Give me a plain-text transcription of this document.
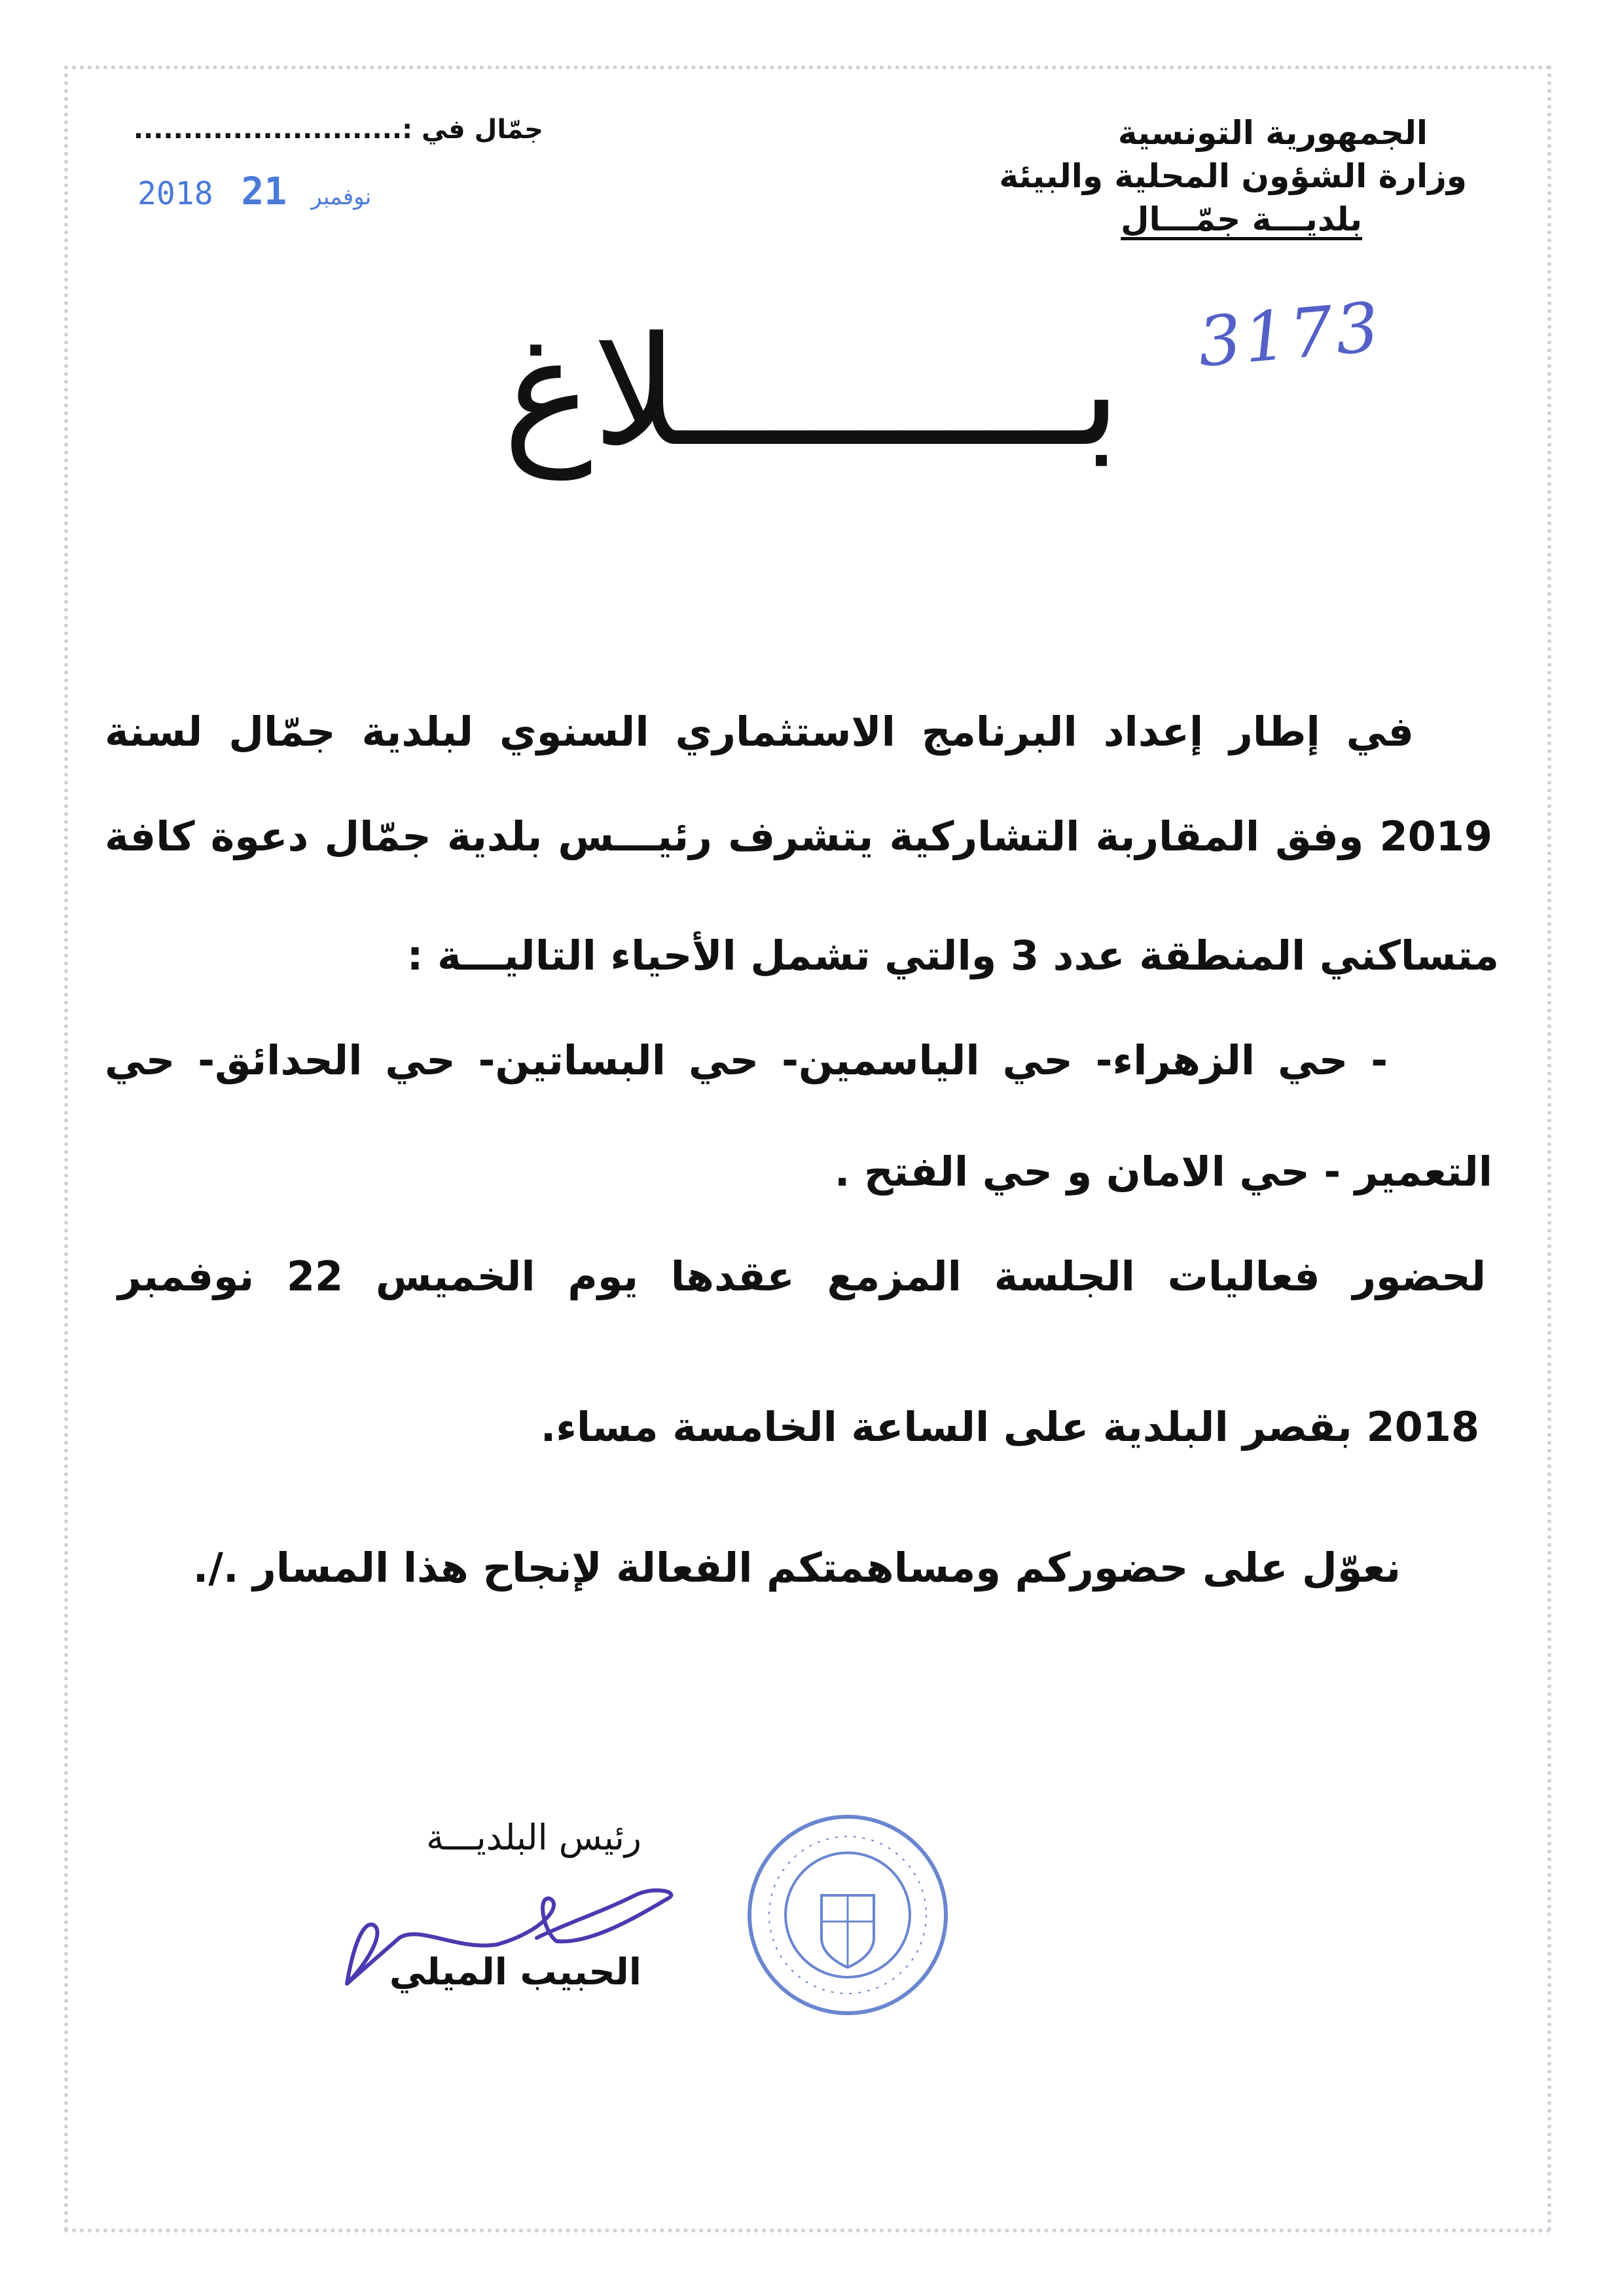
الجمهورية التونسية
وزارة الشؤون المحلية والبيئة
بلديـــة جمّـــال
جمّال في :...........................
2018	نوفمبر 21
3173
بـــــــــلاغ
في إطار إعداد البرنامج الاستثماري السنوي لبلدية جمّال لسنة
2019 وفق المقاربة التشاركية يتشرف رئيـــس بلدية جمّال دعوة كافة
متساكني المنطقة عدد 3 والتي تشمل الأحياء التاليـــة :
- حي الزهراء- حي الياسمين- حي البساتين- حي الحدائق- حي
التعمير - حي الامان و حي الفتح .
لحضور فعاليات الجلسة المزمع عقدها يوم الخميس 22 نوفمبر
2018 بقصر البلدية على الساعة الخامسة مساء.
نعوّل على حضوركم ومساهمتكم الفعالة لإنجاح هذا المسار ./.
رئيس البلديـــة
الحبيب الميلي
